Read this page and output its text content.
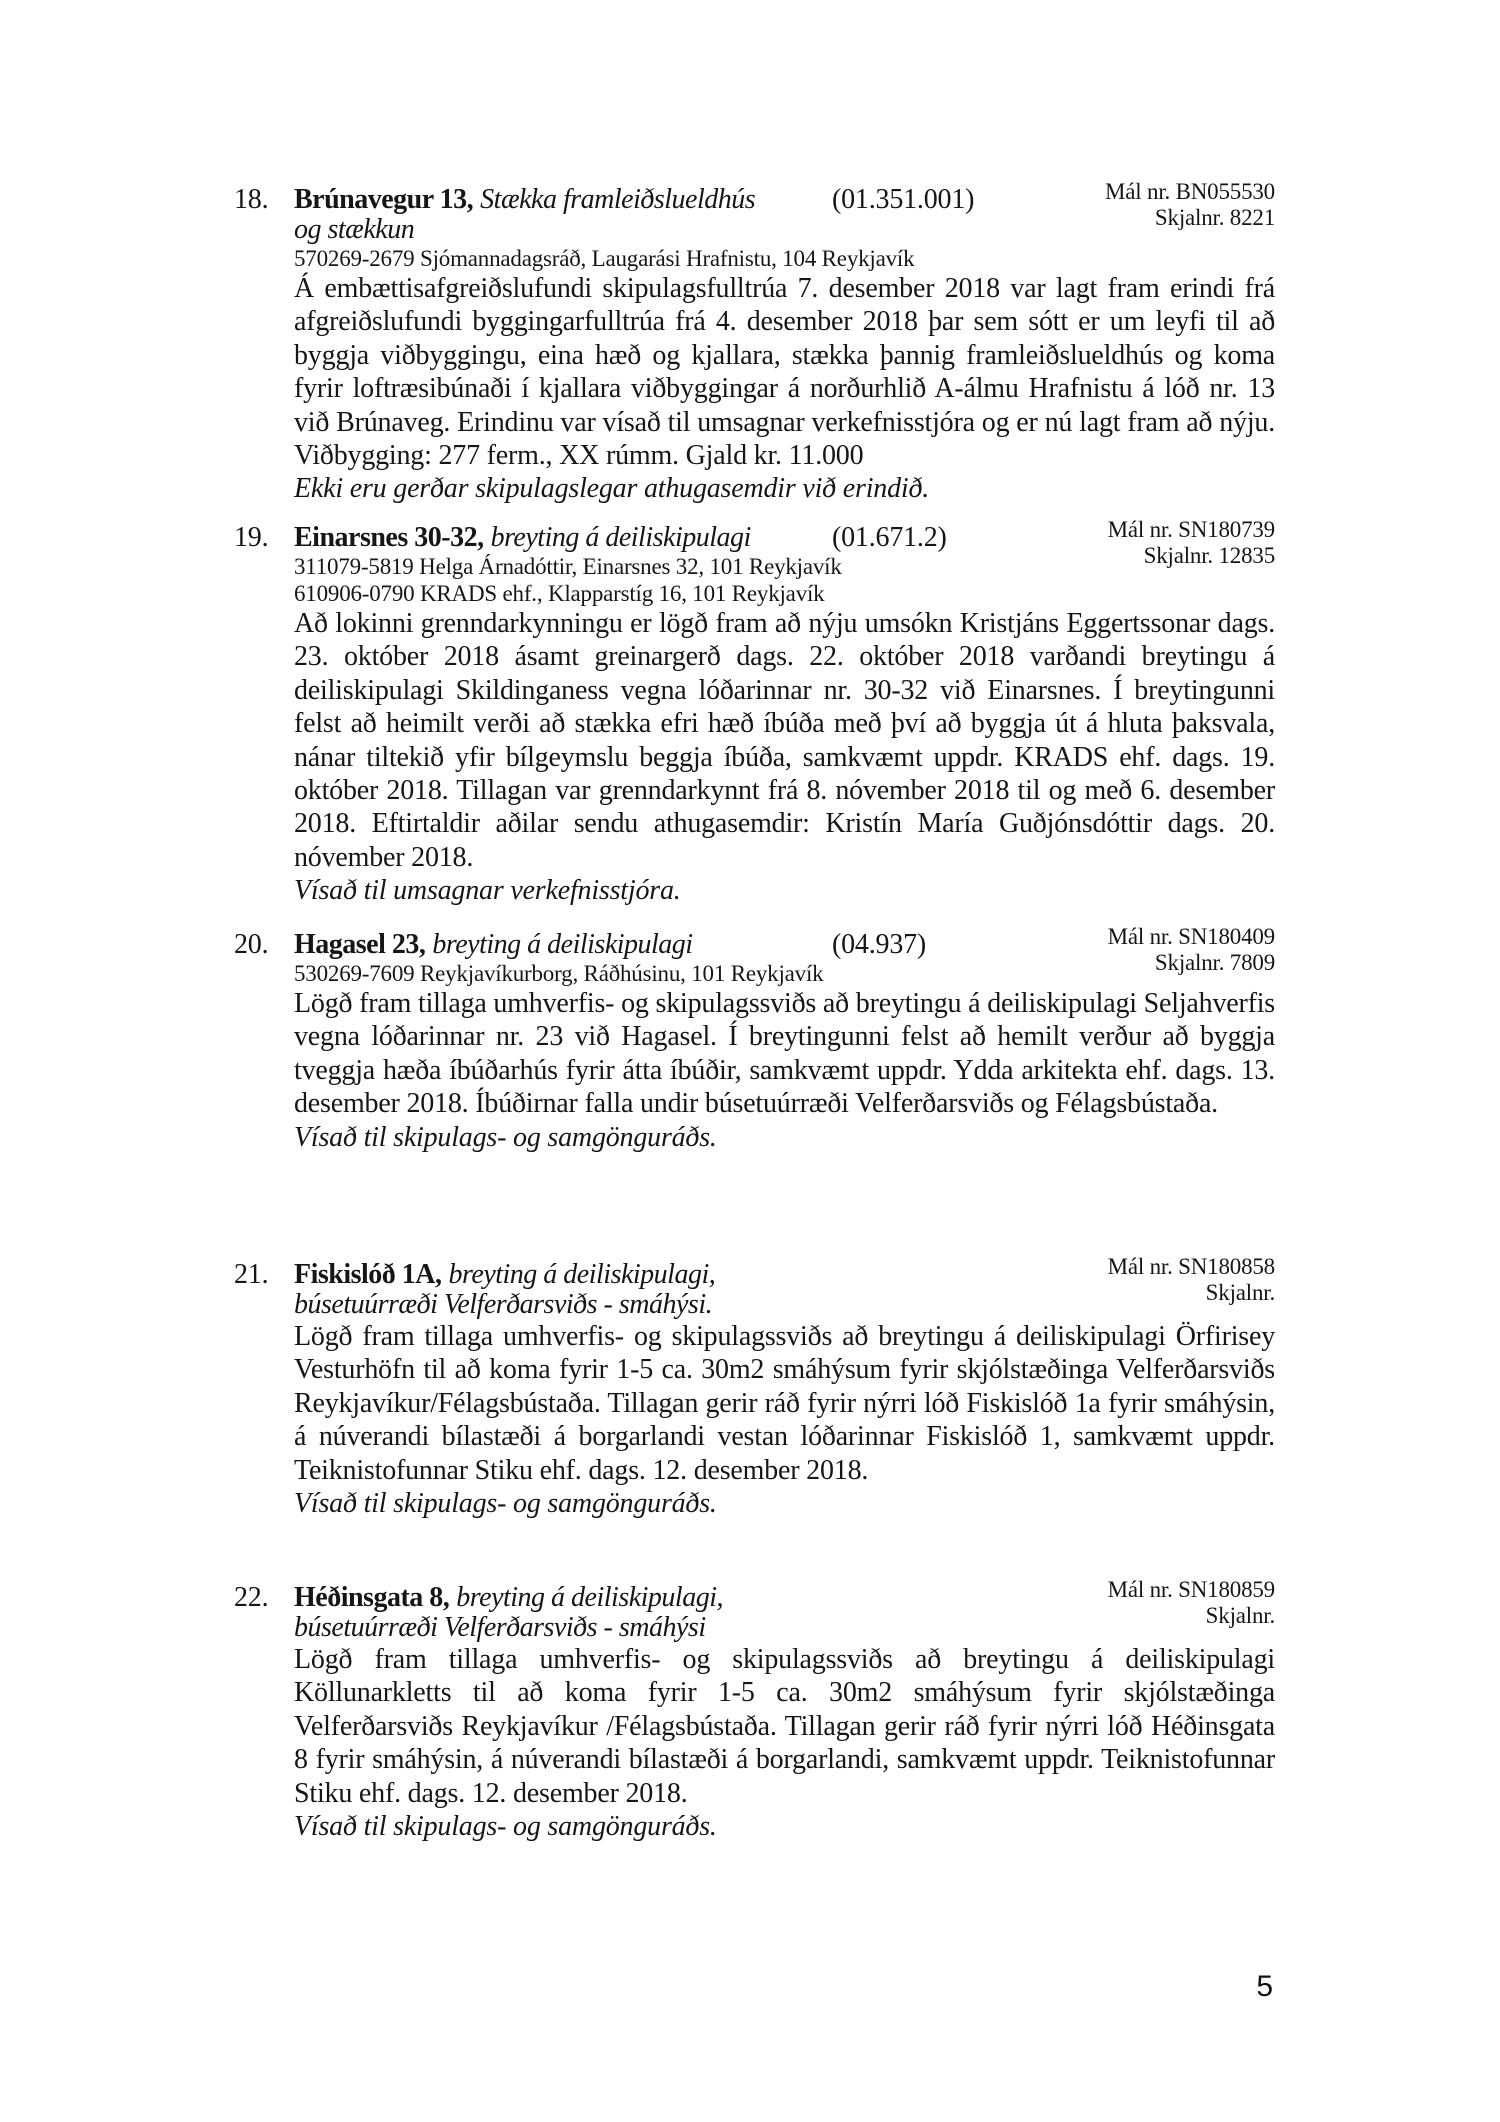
18.	Mál nr. BN055530
Skjalnr. 8221
Brúnavegur 13, Stækka framleiðslueldhús	(01.351.001)
og stækkun
570269-2679 Sjómannadagsráð, Laugarási Hrafnistu, 104 Reykjavík

Á embættisafgreiðslufundi skipulagsfulltrúa 7. desember 2018 var lagt fram erindi frá afgreiðslufundi byggingarfulltrúa frá 4. desember 2018 þar sem sótt er um leyfi til að byggja viðbyggingu, eina hæð og kjallara, stækka þannig framleiðslueldhús og koma fyrir loftræsibúnaði í kjallara viðbyggingar á norðurhlið A-álmu Hrafnistu á lóð nr. 13 við Brúnaveg. Erindinu var vísað til umsagnar verkefnisstjóra og er nú lagt fram að nýju. Viðbygging: 277 ferm., XX rúmm. Gjald kr. 11.000

Ekki eru gerðar skipulagslegar athugasemdir við erindið.
19.	Mál nr. SN180739
Skjalnr. 12835
Einarsnes 30-32, breyting á deiliskipulagi	(01.671.2)
311079-5819 Helga Árnadóttir, Einarsnes 32, 101 Reykjavík
610906-0790 KRADS ehf., Klapparstíg 16, 101 Reykjavík

Að lokinni grenndarkynningu er lögð fram að nýju umsókn Kristjáns Eggertssonar dags. 23. október 2018 ásamt greinargerð dags. 22. október 2018 varðandi breytingu á deiliskipulagi Skildinganess vegna lóðarinnar nr. 30-32 við Einarsnes. Í breytingunni felst að heimilt verði að stækka efri hæð íbúða með því að byggja út á hluta þaksvala, nánar tiltekið yfir bílgeymslu beggja íbúða, samkvæmt uppdr. KRADS ehf. dags. 19. október 2018. Tillagan var grenndarkynnt frá 8. nóvember 2018 til og með 6. desember 2018. Eftirtaldir aðilar sendu athugasemdir: Kristín María Guðjónsdóttir dags. 20. nóvember 2018.

Vísað til umsagnar verkefnisstjóra.
20.	Mál nr. SN180409
Skjalnr. 7809
Hagasel 23, breyting á deiliskipulagi	(04.937)
530269-7609 Reykjavíkurborg, Ráðhúsinu, 101 Reykjavík

Lögð fram tillaga umhverfis- og skipulagssviðs að breytingu á deiliskipulagi Seljahverfis vegna lóðarinnar nr. 23 við Hagasel. Í breytingunni felst að hemilt verður að byggja tveggja hæða íbúðarhús fyrir átta íbúðir, samkvæmt uppdr. Ydda arkitekta ehf. dags. 13. desember 2018. Íbúðirnar falla undir búsetuúrræði Velferðarsviðs og Félagsbústaða.

Vísað til skipulags- og samgönguráðs.
21.	Mál nr. SN180858
Skjalnr.
Fiskislóð 1A, breyting á deiliskipulagi,
búsetuúrræði Velferðarsviðs - smáhýsi.

Lögð fram tillaga umhverfis- og skipulagssviðs að breytingu á deiliskipulagi Örfirisey Vesturhöfn til að koma fyrir 1-5 ca. 30m2 smáhýsum fyrir skjólstæðinga Velferðarsviðs Reykjavíkur/Félagsbústaða. Tillagan gerir ráð fyrir nýrri lóð Fiskislóð 1a fyrir smáhýsin, á núverandi bílastæði á borgarlandi vestan lóðarinnar Fiskislóð 1, samkvæmt uppdr. Teiknistofunnar Stiku ehf. dags. 12. desember 2018.

Vísað til skipulags- og samgönguráðs.
22.	Mál nr. SN180859
Skjalnr.
Héðinsgata 8, breyting á deiliskipulagi,
búsetuúrræði Velferðarsviðs - smáhýsi

Lögð fram tillaga umhverfis- og skipulagssviðs að breytingu á deiliskipulagi Köllunarkletts til að koma fyrir 1-5 ca. 30m2 smáhýsum fyrir skjólstæðinga Velferðarsviðs Reykjavíkur /Félagsbústaða. Tillagan gerir ráð fyrir nýrri lóð Héðinsgata 8 fyrir smáhýsin, á núverandi bílastæði á borgarlandi, samkvæmt uppdr. Teiknistofunnar Stiku ehf. dags. 12. desember 2018.

Vísað til skipulags- og samgönguráðs.
5
